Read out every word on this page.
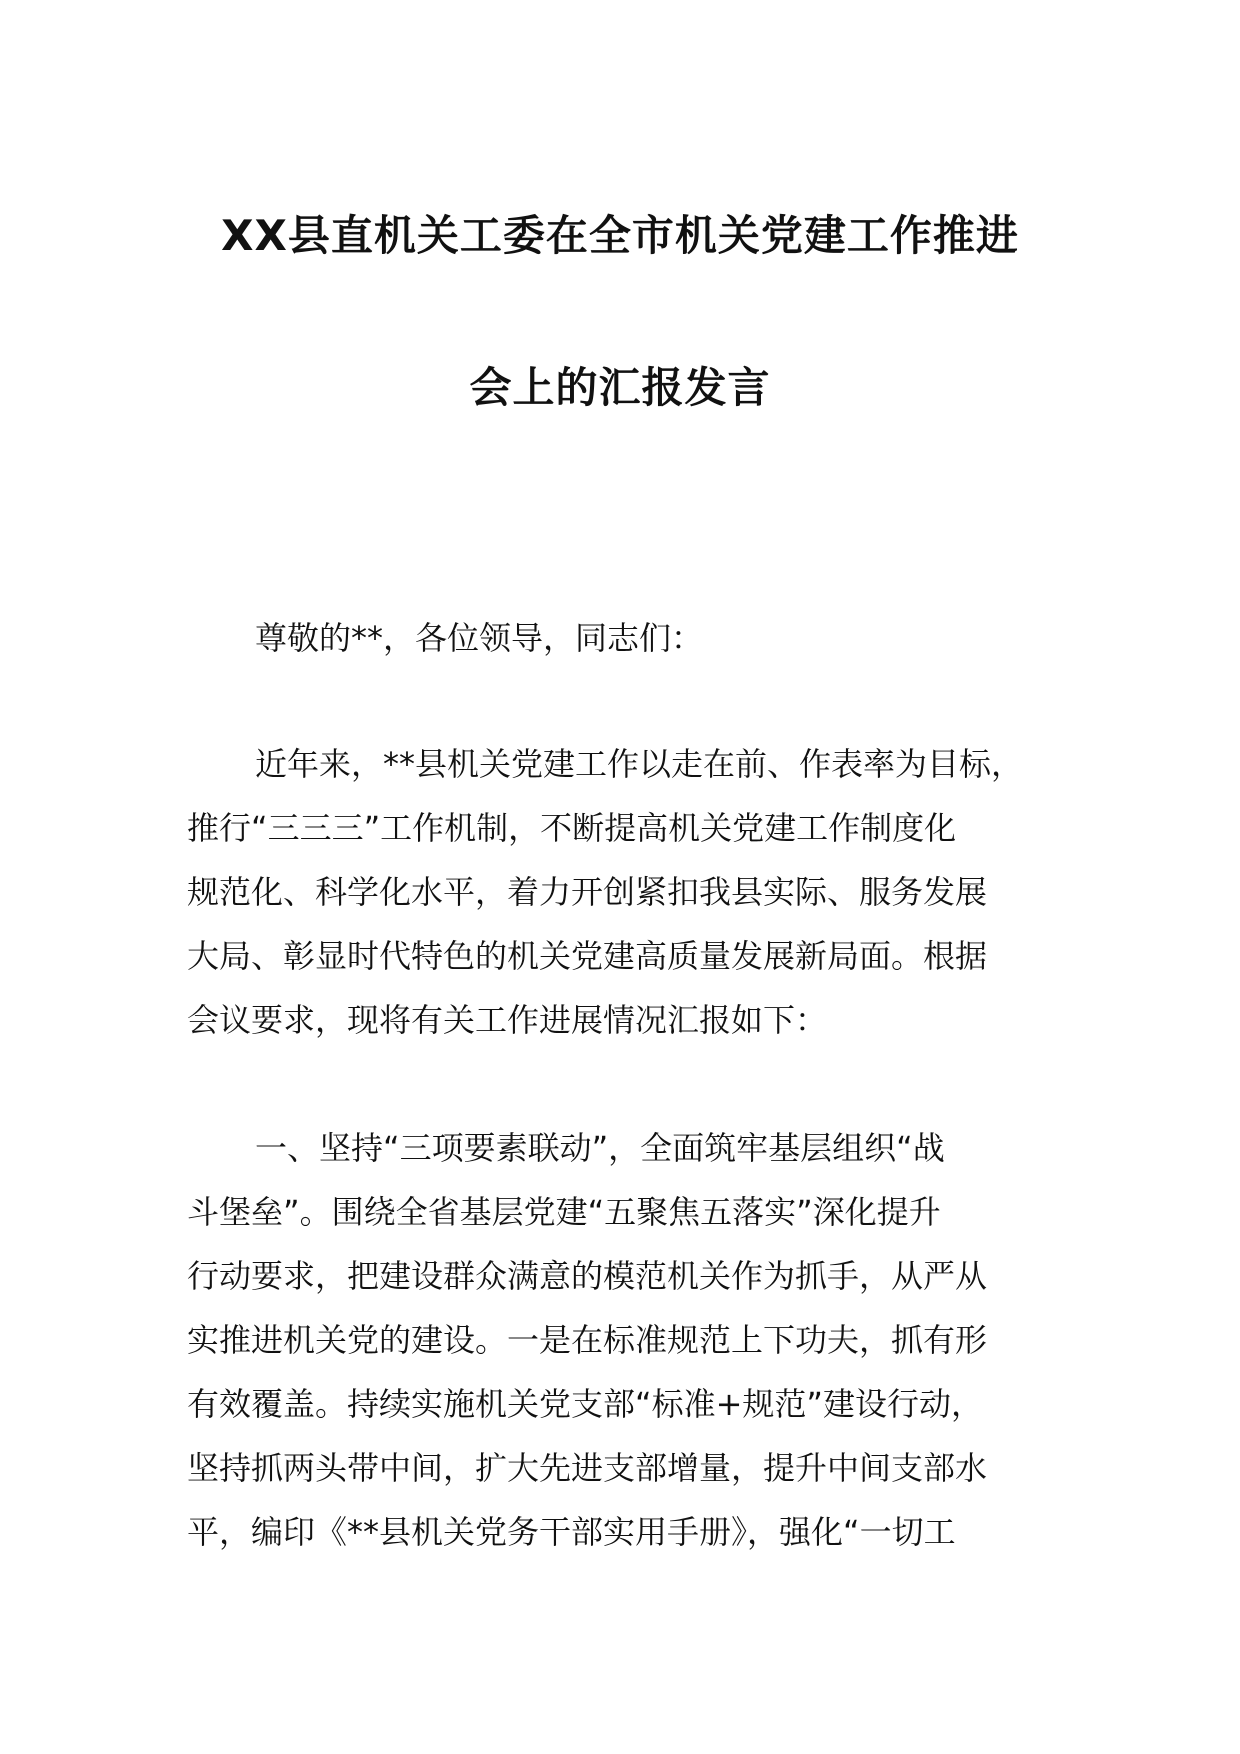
XX县直机关工委在全市机关党建工作推进
会上的汇报发言
尊敬的**，各位领导，同志们：
近年来，**县机关党建工作以走在前、作表率为目标，
推行“三三三”工作机制，不断提高机关党建工作制度化
规范化、科学化水平，着力开创紧扣我县实际、服务发展
大局、彰显时代特色的机关党建高质量发展新局面。根据
会议要求，现将有关工作进展情况汇报如下：
一、坚持“三项要素联动”，全面筑牢基层组织“战
斗堡垒”。围绕全省基层党建“五聚焦五落实”深化提升
行动要求，把建设群众满意的模范机关作为抓手，从严从
实推进机关党的建设。一是在标准规范上下功夫，抓有形
有效覆盖。持续实施机关党支部“标准+规范”建设行动，
坚持抓两头带中间，扩大先进支部增量，提升中间支部水
平，编印《**县机关党务干部实用手册》，强化“一切工
